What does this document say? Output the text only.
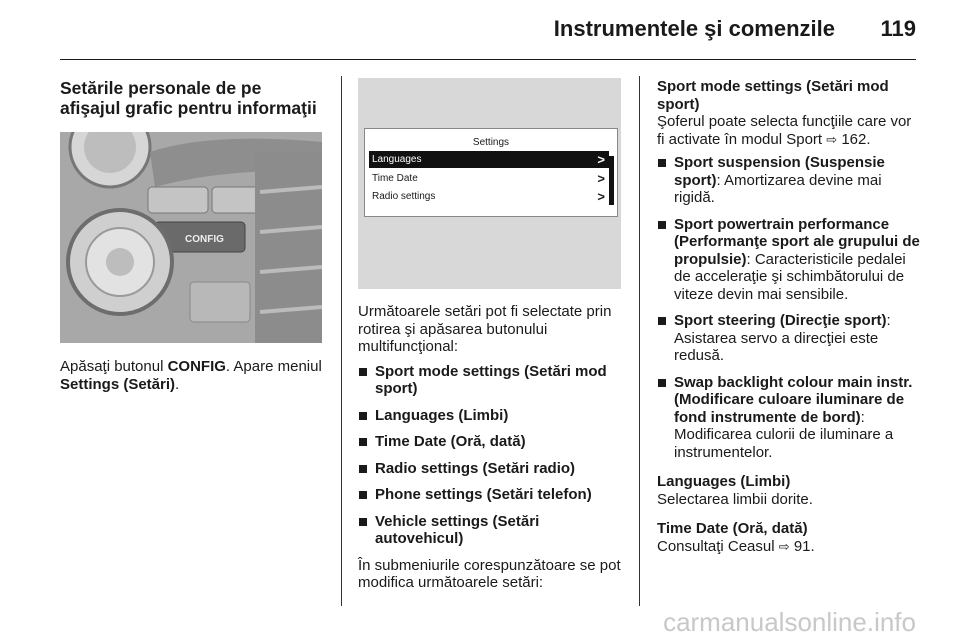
Instrumentele şi comenzile 119
Setările personale de pe afişajul grafic pentru informaţii
CONFIG

Apăsaţi butonul CONFIG. Apare meniul Settings (Setări).

Settings
Languages	>
Time Date	>
Radio settings	>

Următoarele setări pot fi selectate prin rotirea şi apăsarea butonului multifuncţional:

Sport mode settings (Setări mod sport)
Languages (Limbi)
Time Date (Oră, dată)
Radio settings (Setări radio)
Phone settings (Setări telefon)
Vehicle settings (Setări autovehicul)

În submeniurile corespunzătoare se pot modifica următoarele setări:

Sport mode settings (Setări mod sport)

Şoferul poate selecta funcţiile care vor fi activate în modul Sport ⇨ 162.

Sport suspension (Suspensie sport): Amortizarea devine mai rigidă.
Sport powertrain performance (Performanţe sport ale grupului de propulsie): Caracteristicile pedalei de acceleraţie şi schimbătorului de viteze devin mai sensibile.
Sport steering (Direcţie sport): Asistarea servo a direcţiei este redusă.
Swap backlight colour main instr. (Modificare culoare iluminare de fond instrumente de bord): Modificarea culorii de iluminare a instrumentelor.

Languages (Limbi)

Selectarea limbii dorite.

Time Date (Oră, dată)

Consultaţi Ceasul ⇨ 91.

carmanualsonline.info
